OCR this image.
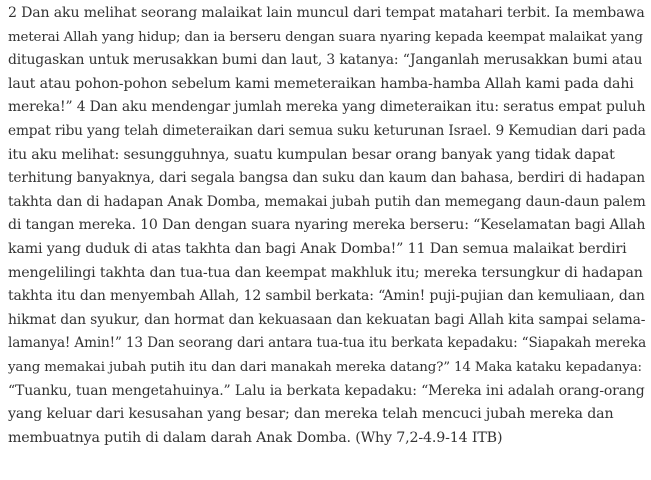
2 Dan aku melihat seorang malaikat lain muncul dari tempat matahari terbit. Ia membawa
meterai Allah yang hidup; dan ia berseru dengan suara nyaring kepada keempat malaikat yang
ditugaskan untuk merusakkan bumi dan laut, 3 katanya: “Janganlah merusakkan bumi atau
laut atau pohon-pohon sebelum kami memeteraikan hamba-hamba Allah kami pada dahi
mereka!” 4 Dan aku mendengar jumlah mereka yang dimeteraikan itu: seratus empat puluh
empat ribu yang telah dimeteraikan dari semua suku keturunan Israel. 9 Kemudian dari pada
itu aku melihat: sesungguhnya, suatu kumpulan besar orang banyak yang tidak dapat
terhitung banyaknya, dari segala bangsa dan suku dan kaum dan bahasa, berdiri di hadapan
takhta dan di hadapan Anak Domba, memakai jubah putih dan memegang daun-daun palem
di tangan mereka. 10 Dan dengan suara nyaring mereka berseru: “Keselamatan bagi Allah
kami yang duduk di atas takhta dan bagi Anak Domba!” 11 Dan semua malaikat berdiri
mengelilingi takhta dan tua-tua dan keempat makhluk itu; mereka tersungkur di hadapan
takhta itu dan menyembah Allah, 12 sambil berkata: “Amin! puji-pujian dan kemuliaan, dan
hikmat dan syukur, dan hormat dan kekuasaan dan kekuatan bagi Allah kita sampai selama-
lamanya! Amin!” 13 Dan seorang dari antara tua-tua itu berkata kepadaku: “Siapakah mereka
yang memakai jubah putih itu dan dari manakah mereka datang?” 14 Maka kataku kepadanya:
“Tuanku, tuan mengetahuinya.” Lalu ia berkata kepadaku: “Mereka ini adalah orang-orang
yang keluar dari kesusahan yang besar; dan mereka telah mencuci jubah mereka dan
membuatnya putih di dalam darah Anak Domba. (Why 7,2-4.9-14 ITB)
